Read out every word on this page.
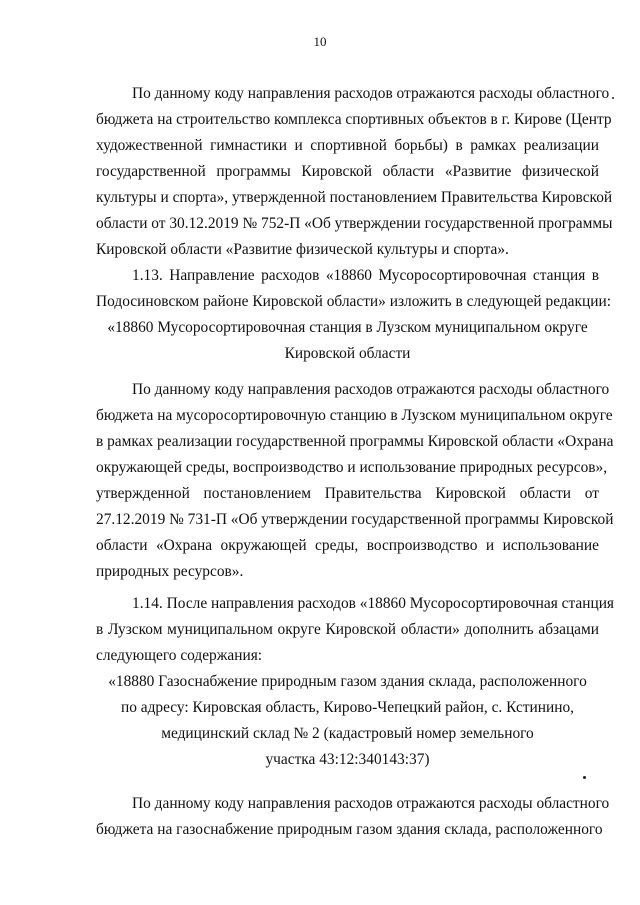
10
По данному коду направления расходов отражаются расходы областного
бюджета на строительство комплекса спортивных объектов в г. Кирове (Центр
художественной гимнастики и спортивной борьбы) в рамках реализации
государственной программы Кировской области «Развитие физической
культуры и спорта», утвержденной постановлением Правительства Кировской
области от 30.12.2019 № 752-П «Об утверждении государственной программы
Кировской области «Развитие физической культуры и спорта».
1.13. Направление расходов «18860 Мусоросортировочная станция в
Подосиновском районе Кировской области» изложить в следующей редакции:
«18860 Мусоросортировочная станция в Лузском муниципальном округе
Кировской области
По данному коду направления расходов отражаются расходы областного
бюджета на мусоросортировочную станцию в Лузском муниципальном округе
в рамках реализации государственной программы Кировской области «Охрана
окружающей среды, воспроизводство и использование природных ресурсов»,
утвержденной постановлением Правительства Кировской области от
27.12.2019 № 731-П «Об утверждении государственной программы Кировской
области «Охрана окружающей среды, воспроизводство и использование
природных ресурсов».
1.14. После направления расходов «18860 Мусоросортировочная станция
в Лузском муниципальном округе Кировской области» дополнить абзацами
следующего содержания:
«18880 Газоснабжение природным газом здания склада, расположенного
по адресу: Кировская область, Кирово-Чепецкий район, с. Кстинино,
медицинский склад № 2 (кадастровый номер земельного
участка 43:12:340143:37)
По данному коду направления расходов отражаются расходы областного
бюджета на газоснабжение природным газом здания склада, расположенного
